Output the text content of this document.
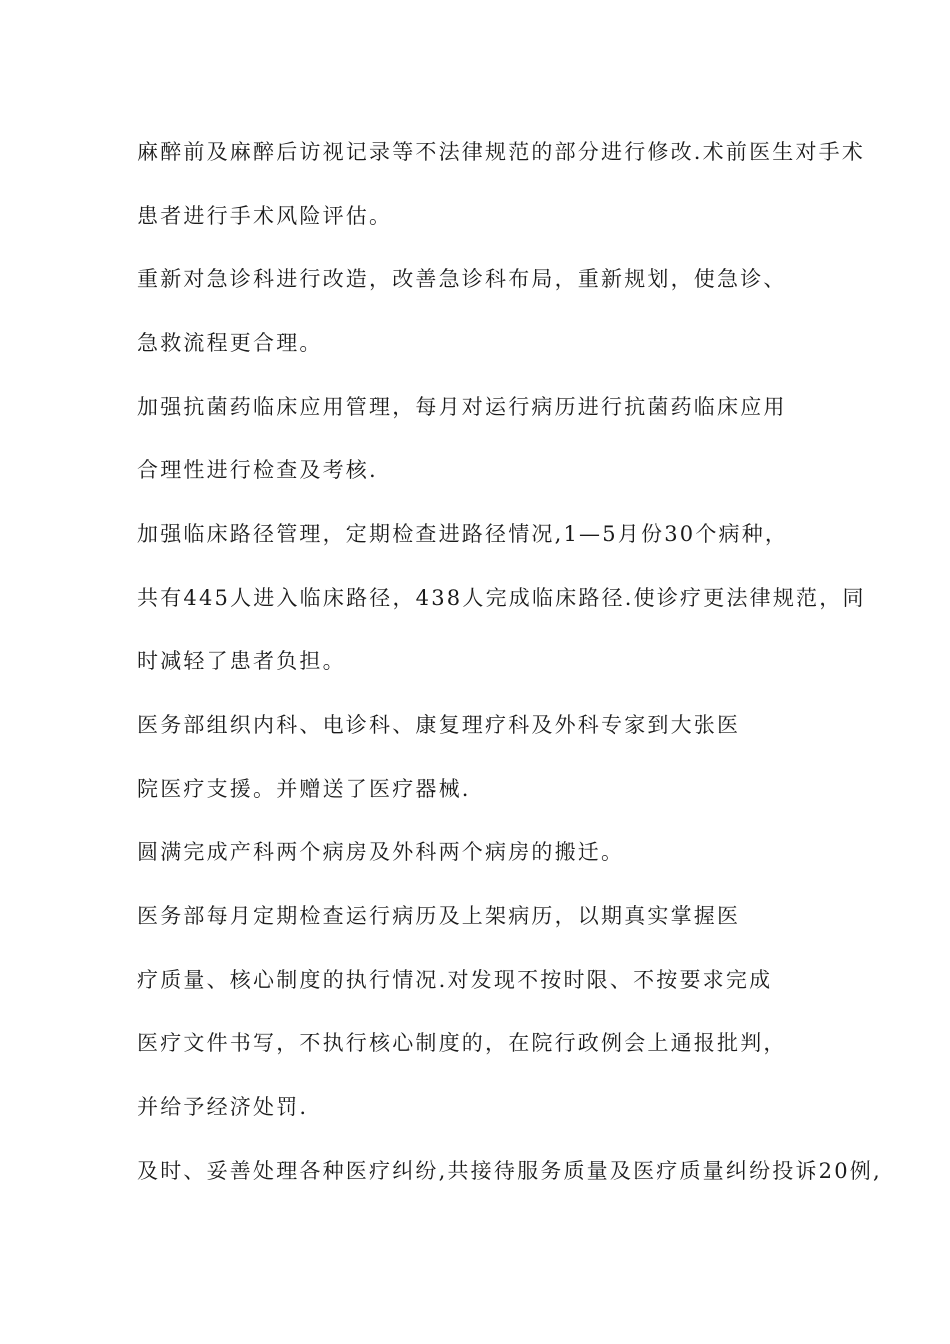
麻醉前及麻醉后访视记录等不法律规范的部分进行修改.术前医生对手术
患者进行手术风险评估。
重新对急诊科进行改造，改善急诊科布局，重新规划，使急诊、
急救流程更合理。
加强抗菌药临床应用管理，每月对运行病历进行抗菌药临床应用
合理性进行检查及考核.
加强临床路径管理，定期检查进路径情况,1—5月份30个病种，
共有445人进入临床路径，438人完成临床路径.使诊疗更法律规范，同
时减轻了患者负担。
医务部组织内科、电诊科、康复理疗科及外科专家到大张医
院医疗支援。并赠送了医疗器械.
圆满完成产科两个病房及外科两个病房的搬迁。
医务部每月定期检查运行病历及上架病历，以期真实掌握医
疗质量、核心制度的执行情况.对发现不按时限、不按要求完成
医疗文件书写，不执行核心制度的，在院行政例会上通报批判，
并给予经济处罚.
及时、妥善处理各种医疗纠纷,共接待服务质量及医疗质量纠纷投诉20例,
